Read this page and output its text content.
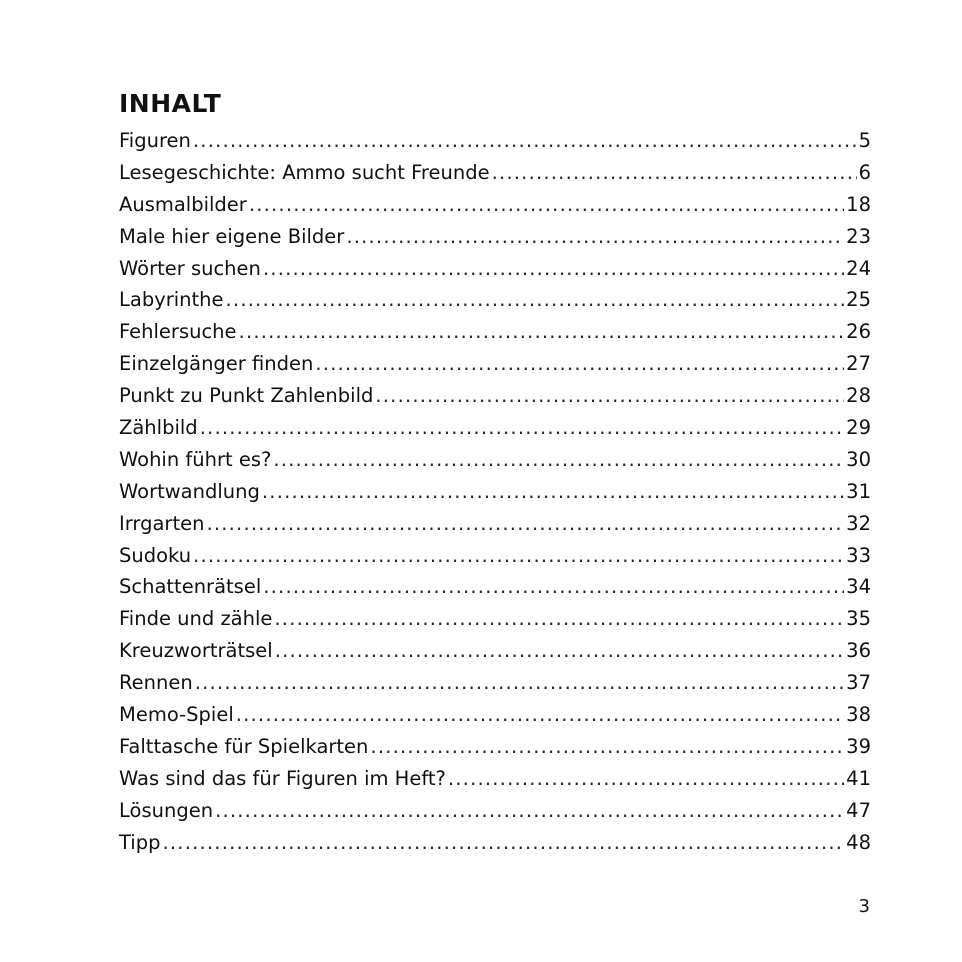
INHALT
Figuren .....	5
Lesegeschichte: Ammo sucht Freunde .....	6
Ausmalbilder .....	18
Male hier eigene Bilder .....	23
Wörter suchen .....	24
Labyrinthe .....	25
Fehlersuche .....	26
Einzelgänger finden .....	27
Punkt zu Punkt Zahlenbild .....	28
Zählbild .....	29
Wohin führt es? .....	30
Wortwandlung .....	31
Irrgarten .....	32
Sudoku .....	33
Schattenrätsel .....	34
Finde und zähle .....	35
Kreuzworträtsel .....	36
Rennen .....	37
Memo-Spiel .....	38
Falttasche für Spielkarten .....	39
Was sind das für Figuren im Heft? .....	41
Lösungen .....	47
Tipp .....	48
3
